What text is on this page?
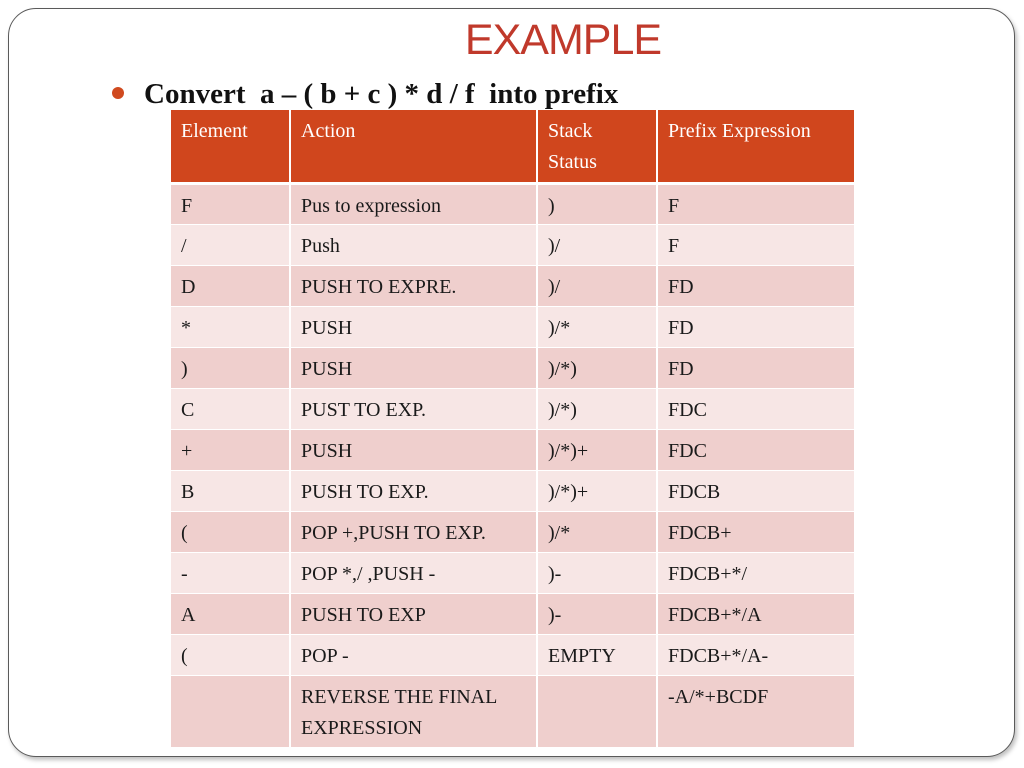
EXAMPLE
Convert  a – ( b + c ) * d / f  into prefix
Element	Action	Stack Status	Prefix Expression
F	Pus to expression	)	F
/	Push	)/	F
D	PUSH TO EXPRE.	)/	FD
*	PUSH	)/*	FD
)	PUSH	)/*)	FD
C	PUST TO EXP.	)/*)	FDC
+	PUSH	)/*)+	FDC
B	PUSH TO EXP.	)/*)+	FDCB
(	POP +,PUSH TO EXP.	)/*	FDCB+
-	POP *,/ ,PUSH -	)-	FDCB+*/
A	PUSH TO EXP	)-	FDCB+*/A
(	POP -	EMPTY	FDCB+*/A-
	REVERSE THE FINAL EXPRESSION		-A/*+BCDF
